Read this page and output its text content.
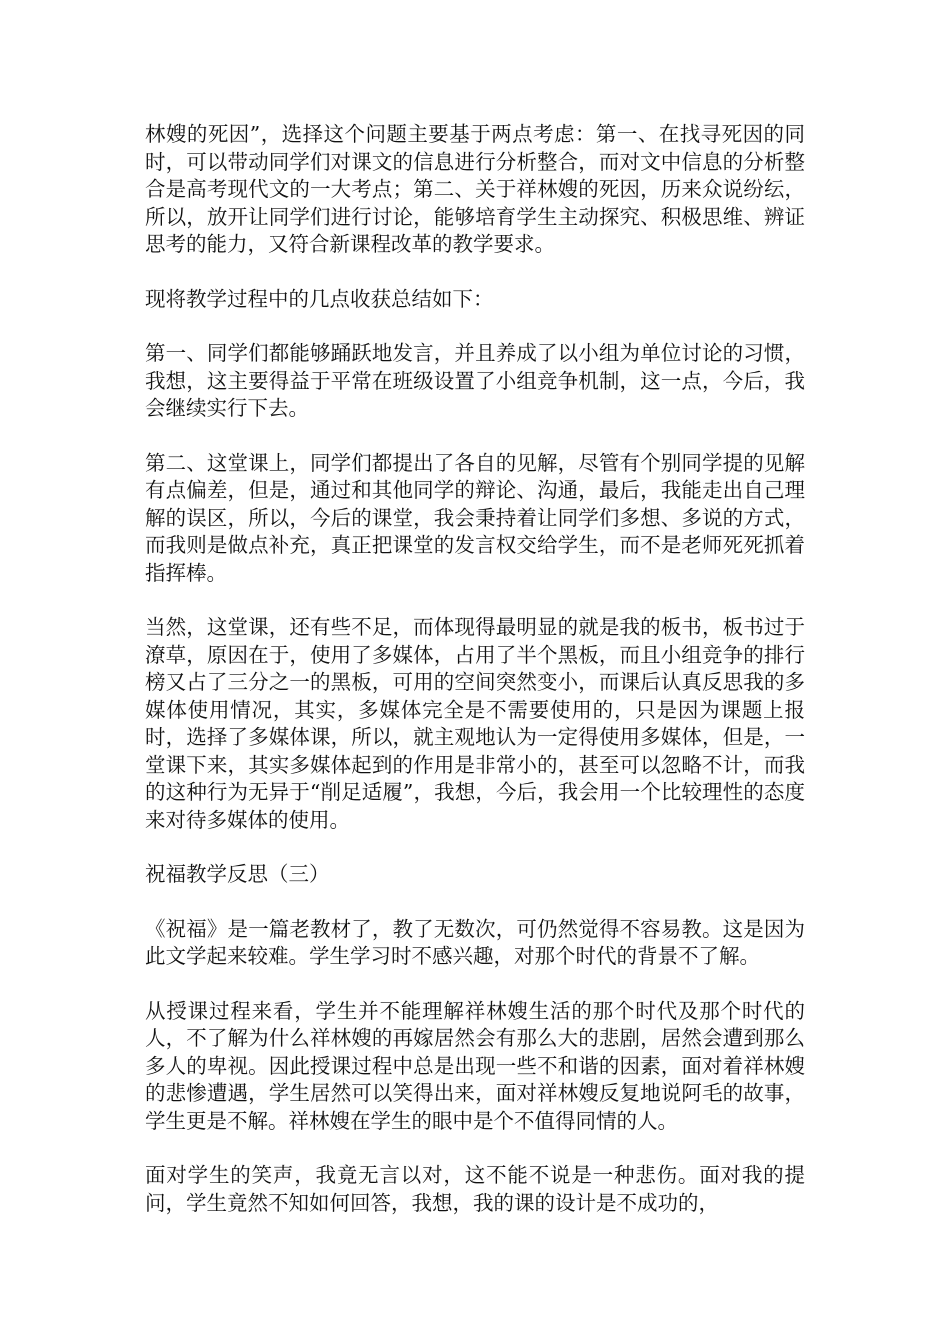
林嫂的死因”，选择这个问题主要基于两点考虑：第一、在找寻死因的同时，可以带动同学们对课文的信息进行分析整合，而对文中信息的分析整合是高考现代文的一大考点；第二、关于祥林嫂的死因，历来众说纷纭，所以，放开让同学们进行讨论，能够培育学生主动探究、积极思维、辨证思考的能力，又符合新课程改革的教学要求。

现将教学过程中的几点收获总结如下：

第一、同学们都能够踊跃地发言，并且养成了以小组为单位讨论的习惯，我想，这主要得益于平常在班级设置了小组竞争机制，这一点，今后，我会继续实行下去。

第二、这堂课上，同学们都提出了各自的见解，尽管有个别同学提的见解有点偏差，但是，通过和其他同学的辩论、沟通，最后，我能走出自己理解的误区，所以，今后的课堂，我会秉持着让同学们多想、多说的方式，而我则是做点补充，真正把课堂的发言权交给学生，而不是老师死死抓着指挥棒。

当然，这堂课，还有些不足，而体现得最明显的就是我的板书，板书过于潦草，原因在于，使用了多媒体，占用了半个黑板，而且小组竞争的排行榜又占了三分之一的黑板，可用的空间突然变小，而课后认真反思我的多媒体使用情况，其实，多媒体完全是不需要使用的，只是因为课题上报时，选择了多媒体课，所以，就主观地认为一定得使用多媒体，但是，一堂课下来，其实多媒体起到的作用是非常小的，甚至可以忽略不计，而我的这种行为无异于“削足适履”，我想，今后，我会用一个比较理性的态度来对待多媒体的使用。

祝福教学反思（三）

《祝福》是一篇老教材了，教了无数次，可仍然觉得不容易教。这是因为此文学起来较难。学生学习时不感兴趣，对那个时代的背景不了解。

从授课过程来看，学生并不能理解祥林嫂生活的那个时代及那个时代的人，不了解为什么祥林嫂的再嫁居然会有那么大的悲剧，居然会遭到那么多人的卑视。因此授课过程中总是出现一些不和谐的因素，面对着祥林嫂的悲惨遭遇，学生居然可以笑得出来，面对祥林嫂反复地说阿毛的故事，学生更是不解。祥林嫂在学生的眼中是个不值得同情的人。

面对学生的笑声，我竟无言以对，这不能不说是一种悲伤。面对我的提问，学生竟然不知如何回答，我想，我的课的设计是不成功的，
